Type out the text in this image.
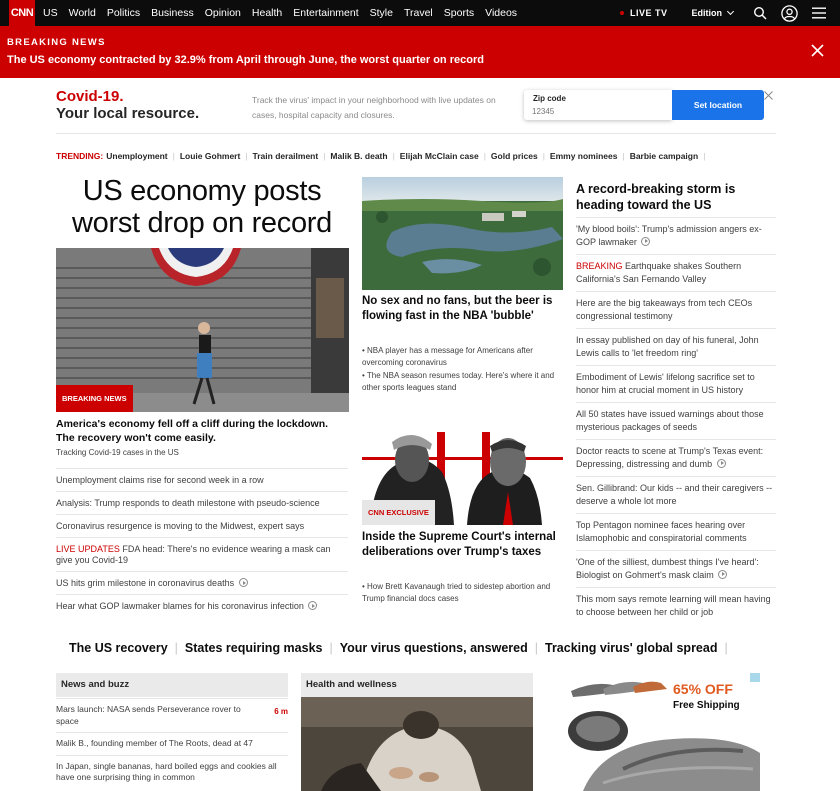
CNN US World Politics Business Opinion Health Entertainment Style Travel Sports Videos	LIVE TV	Edition
BREAKING NEWS
The US economy contracted by 32.9% from April through June, the worst quarter on record
Covid-19.
Your local resource.
Track the virus' impact in your neighborhood with live updates on cases, hospital capacity and closures.
Zip code
12345
Set location
TRENDING: Unemployment | Louie Gohmert | Train derailment | Malik B. death | Elijah McClain case | Gold prices | Emmy nominees | Barbie campaign |
US economy posts worst drop on record
BREAKING NEWS
America's economy fell off a cliff during the lockdown. The recovery won't come easily.
Tracking Covid-19 cases in the US
Unemployment claims rise for second week in a row
Analysis: Trump responds to death milestone with pseudo-science
Coronavirus resurgence is moving to the Midwest, expert says
LIVE UPDATES FDA head: There's no evidence wearing a mask can give you Covid-19
US hits grim milestone in coronavirus deaths
Hear what GOP lawmaker blames for his coronavirus infection
No sex and no fans, but the beer is flowing fast in the NBA 'bubble'
• NBA player has a message for Americans after overcoming coronavirus
• The NBA season resumes today. Here's where it and other sports leagues stand
CNN EXCLUSIVE
Inside the Supreme Court's internal deliberations over Trump's taxes
• How Brett Kavanaugh tried to sidestep abortion and Trump financial docs cases
A record-breaking storm is heading toward the US
'My blood boils': Trump's admission angers ex-GOP lawmaker
BREAKING Earthquake shakes Southern California's San Fernando Valley
Here are the big takeaways from tech CEOs congressional testimony
In essay published on day of his funeral, John Lewis calls to 'let freedom ring'
Embodiment of Lewis' lifelong sacrifice set to honor him at crucial moment in US history
All 50 states have issued warnings about those mysterious packages of seeds
Doctor reacts to scene at Trump's Texas event: Depressing, distressing and dumb
Sen. Gillibrand: Our kids -- and their caregivers -- deserve a whole lot more
Top Pentagon nominee faces hearing over Islamophobic and conspiratorial comments
'One of the silliest, dumbest things I've heard': Biologist on Gohmert's mask claim
This mom says remote learning will mean having to choose between her child or job
The US recovery | States requiring masks | Your virus questions, answered | Tracking virus' global spread |
News and buzz
Mars launch: NASA sends Perseverance rover to space
6 m
Malik B., founding member of The Roots, dead at 47
In Japan, single bananas, hard boiled eggs and cookies all have one surprising thing in common
Health and wellness	65% OFF
Free Shipping
